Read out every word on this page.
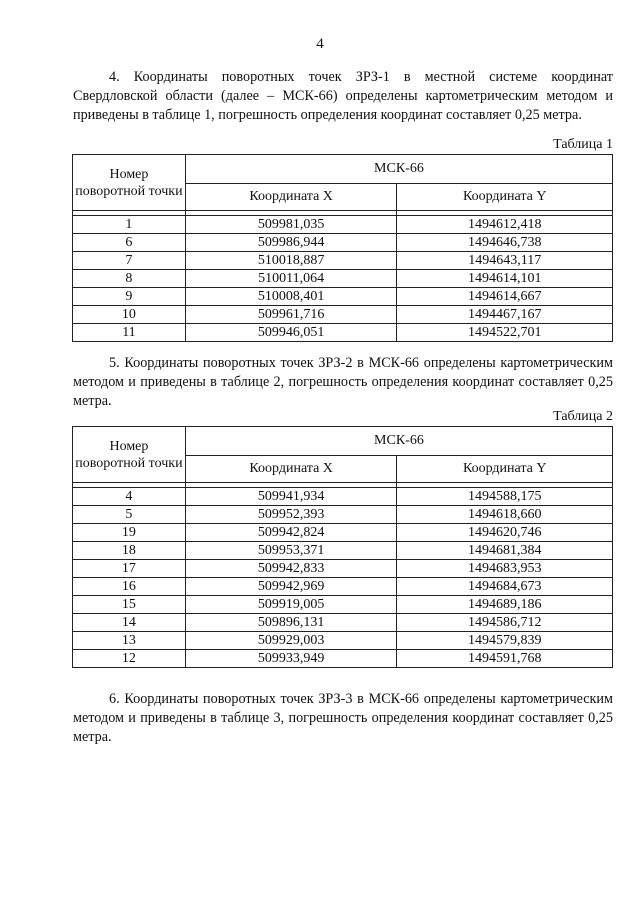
4

4. Координаты поворотных точек ЗРЗ-1 в местной системе координат Свердловской области (далее – МСК-66) определены картометрическим методом и приведены в таблице 1, погрешность определения координат составляет 0,25 метра.

Таблица 1
Номер поворотной точки	МСК-66	
	Координата X	Координата Y

1	509981,035	1494612,418
6	509986,944	1494646,738
7	510018,887	1494643,117
8	510011,064	1494614,101
9	510008,401	1494614,667
10	509961,716	1494467,167
11	509946,051	1494522,701

5. Координаты поворотных точек ЗРЗ-2 в МСК-66 определены картометрическим методом и приведены в таблице 2, погрешность определения координат составляет 0,25 метра.

Таблица 2
Номер поворотной точки	МСК-66	
	Координата X	Координата Y

4	509941,934	1494588,175
5	509952,393	1494618,660
19	509942,824	1494620,746
18	509953,371	1494681,384
17	509942,833	1494683,953
16	509942,969	1494684,673
15	509919,005	1494689,186
14	509896,131	1494586,712
13	509929,003	1494579,839
12	509933,949	1494591,768

6. Координаты поворотных точек ЗРЗ-3 в МСК-66 определены картометрическим методом и приведены в таблице 3, погрешность определения координат составляет 0,25 метра.
